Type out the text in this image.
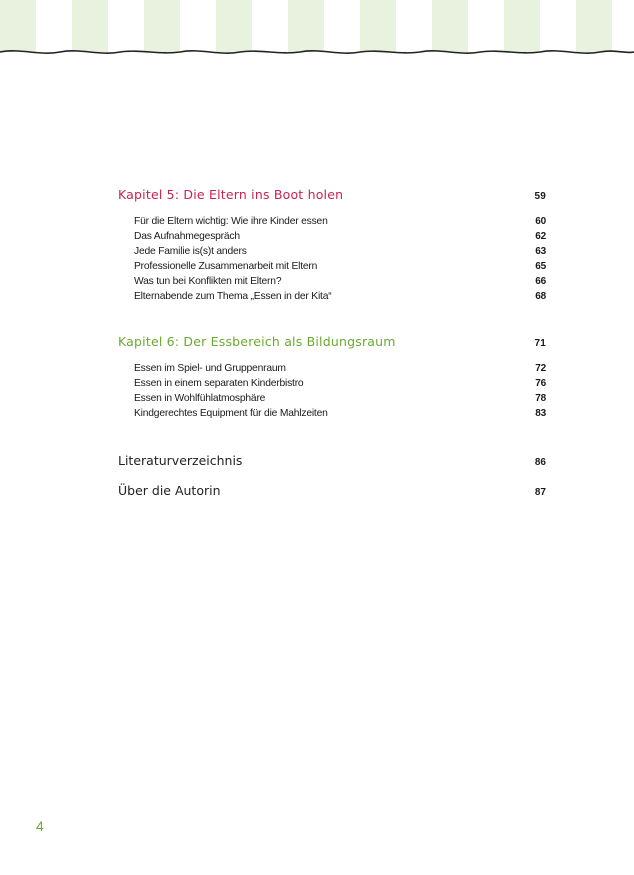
Kapitel 5: Die Eltern ins Boot holen	59
Für die Eltern wichtig: Wie ihre Kinder essen	60
Das Aufnahmegespräch	62
Jede Familie is(s)t anders	63
Professionelle Zusammenarbeit mit Eltern	65
Was tun bei Konflikten mit Eltern?	66
Elternabende zum Thema „Essen in der Kita“	68
Kapitel 6: Der Essbereich als Bildungsraum	71
Essen im Spiel- und Gruppenraum	72
Essen in einem separaten Kinderbistro	76
Essen in Wohlfühlatmosphäre	78
Kindgerechtes Equipment für die Mahlzeiten	83
Literaturverzeichnis	86
Über die Autorin	87
4
